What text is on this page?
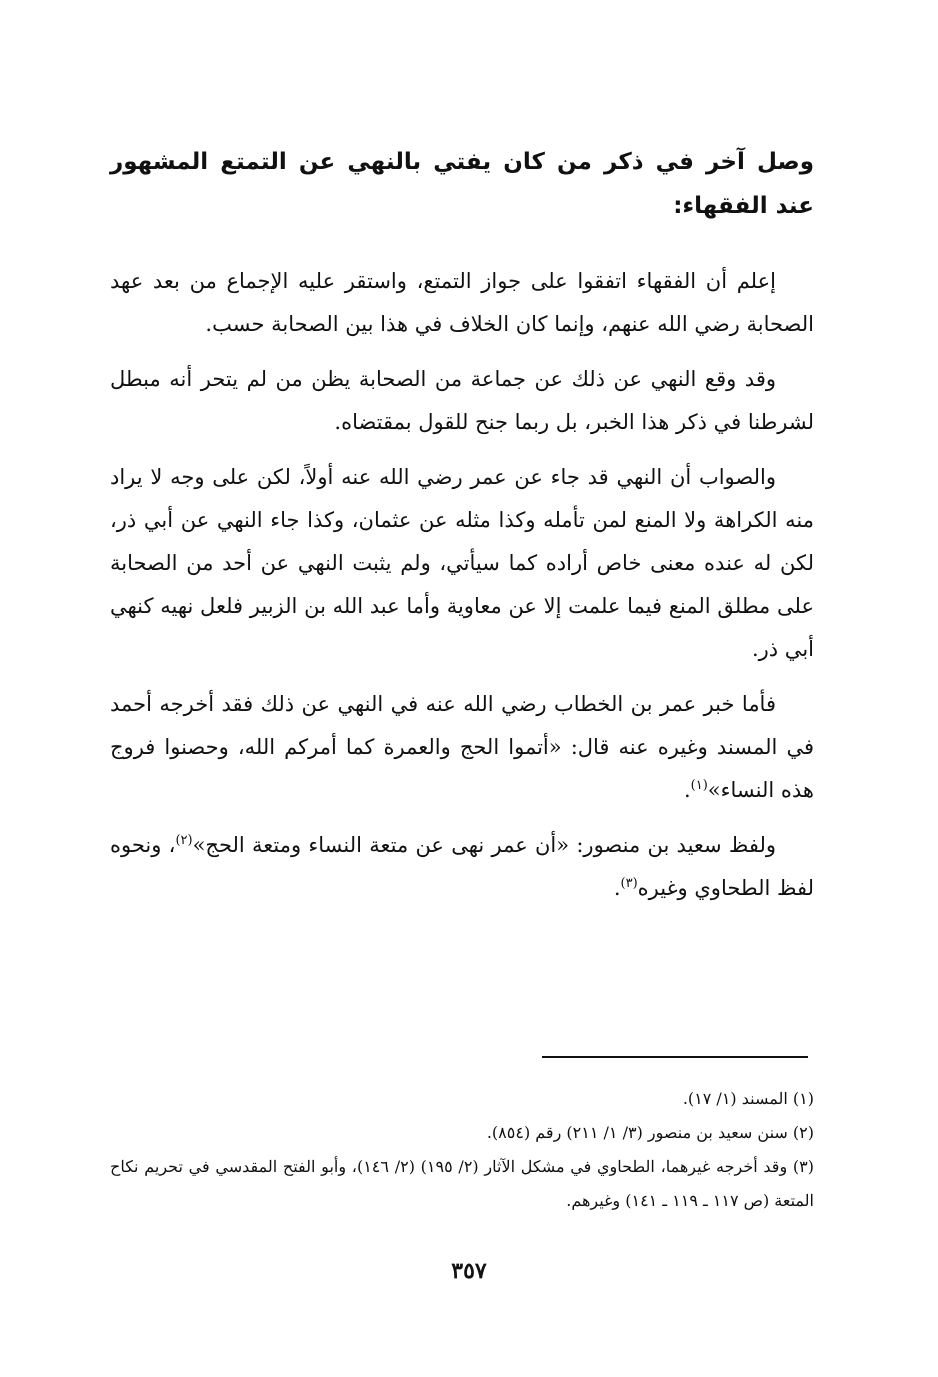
وصل آخر في ذكر من كان يفتي بالنهي عن التمتع المشهور عند الفقهاء:

إعلم أن الفقهاء اتفقوا على جواز التمتع، واستقر عليه الإجماع من بعد عهد الصحابة رضي الله عنهم، وإنما كان الخلاف في هذا بين الصحابة حسب.

وقد وقع النهي عن ذلك عن جماعة من الصحابة يظن من لم يتحر أنه مبطل لشرطنا في ذكر هذا الخبر، بل ربما جنح للقول بمقتضاه.

والصواب أن النهي قد جاء عن عمر رضي الله عنه أولاً، لكن على وجه لا يراد منه الكراهة ولا المنع لمن تأمله وكذا مثله عن عثمان، وكذا جاء النهي عن أبي ذر، لكن له عنده معنى خاص أراده كما سيأتي، ولم يثبت النهي عن أحد من الصحابة على مطلق المنع فيما علمت إلا عن معاوية وأما عبد الله بن الزبير فلعل نهيه كنهي أبي ذر.

فأما خبر عمر بن الخطاب رضي الله عنه في النهي عن ذلك فقد أخرجه أحمد في المسند وغيره عنه قال: «أتموا الحج والعمرة كما أمركم الله، وحصنوا فروج هذه النساء»$^{(١)}$.

ولفظ سعيد بن منصور: «أن عمر نهى عن متعة النساء ومتعة الحج»$^{(٢)}$، ونحوه لفظ الطحاوي وغيره$^{(٣)}$.

(١) المسند (١/ ١٧).

(٢) سنن سعيد بن منصور (٣/ ١/ ٢١١) رقم (٨٥٤).

(٣) وقد أخرجه غيرهما، الطحاوي في مشكل الآثار (٢/ ١٩٥) (٢/ ١٤٦)، وأبو الفتح المقدسي في تحريم نكاح المتعة (ص ١١٧ ـ ١١٩ ـ ١٤١) وغيرهم.

٣٥٧
